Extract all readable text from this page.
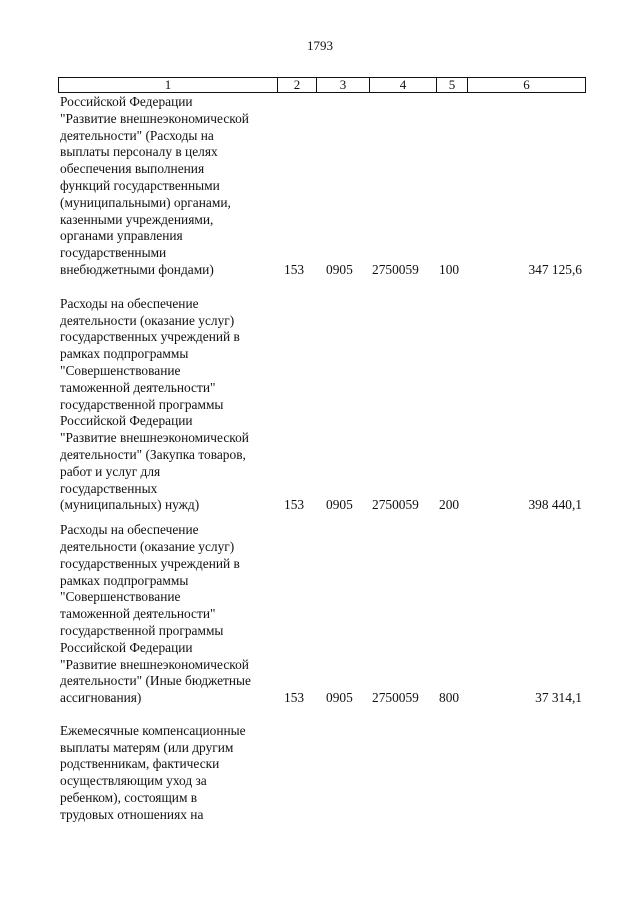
1793
1	2	3	4	5	6
Российской Федерации
"Развитие внешнеэкономической
деятельности" (Расходы на
выплаты персоналу в целях
обеспечения выполнения
функций государственными
(муниципальными) органами,
казенными учреждениями,
органами управления
государственными
внебюджетными фондами)	153	0905	2750059	100	347 125,6
Расходы на обеспечение
деятельности (оказание услуг)
государственных учреждений в
рамках подпрограммы
"Совершенствование
таможенной деятельности"
государственной программы
Российской Федерации
"Развитие внешнеэкономической
деятельности" (Закупка товаров,
работ и услуг для
государственных
(муниципальных) нужд)	153	0905	2750059	200	398 440,1
Расходы на обеспечение
деятельности (оказание услуг)
государственных учреждений в
рамках подпрограммы
"Совершенствование
таможенной деятельности"
государственной программы
Российской Федерации
"Развитие внешнеэкономической
деятельности" (Иные бюджетные
ассигнования)	153	0905	2750059	800	37 314,1
Ежемесячные компенсационные
выплаты матерям (или другим
родственникам, фактически
осуществляющим уход за
ребенком), состоящим в
трудовых отношениях на
